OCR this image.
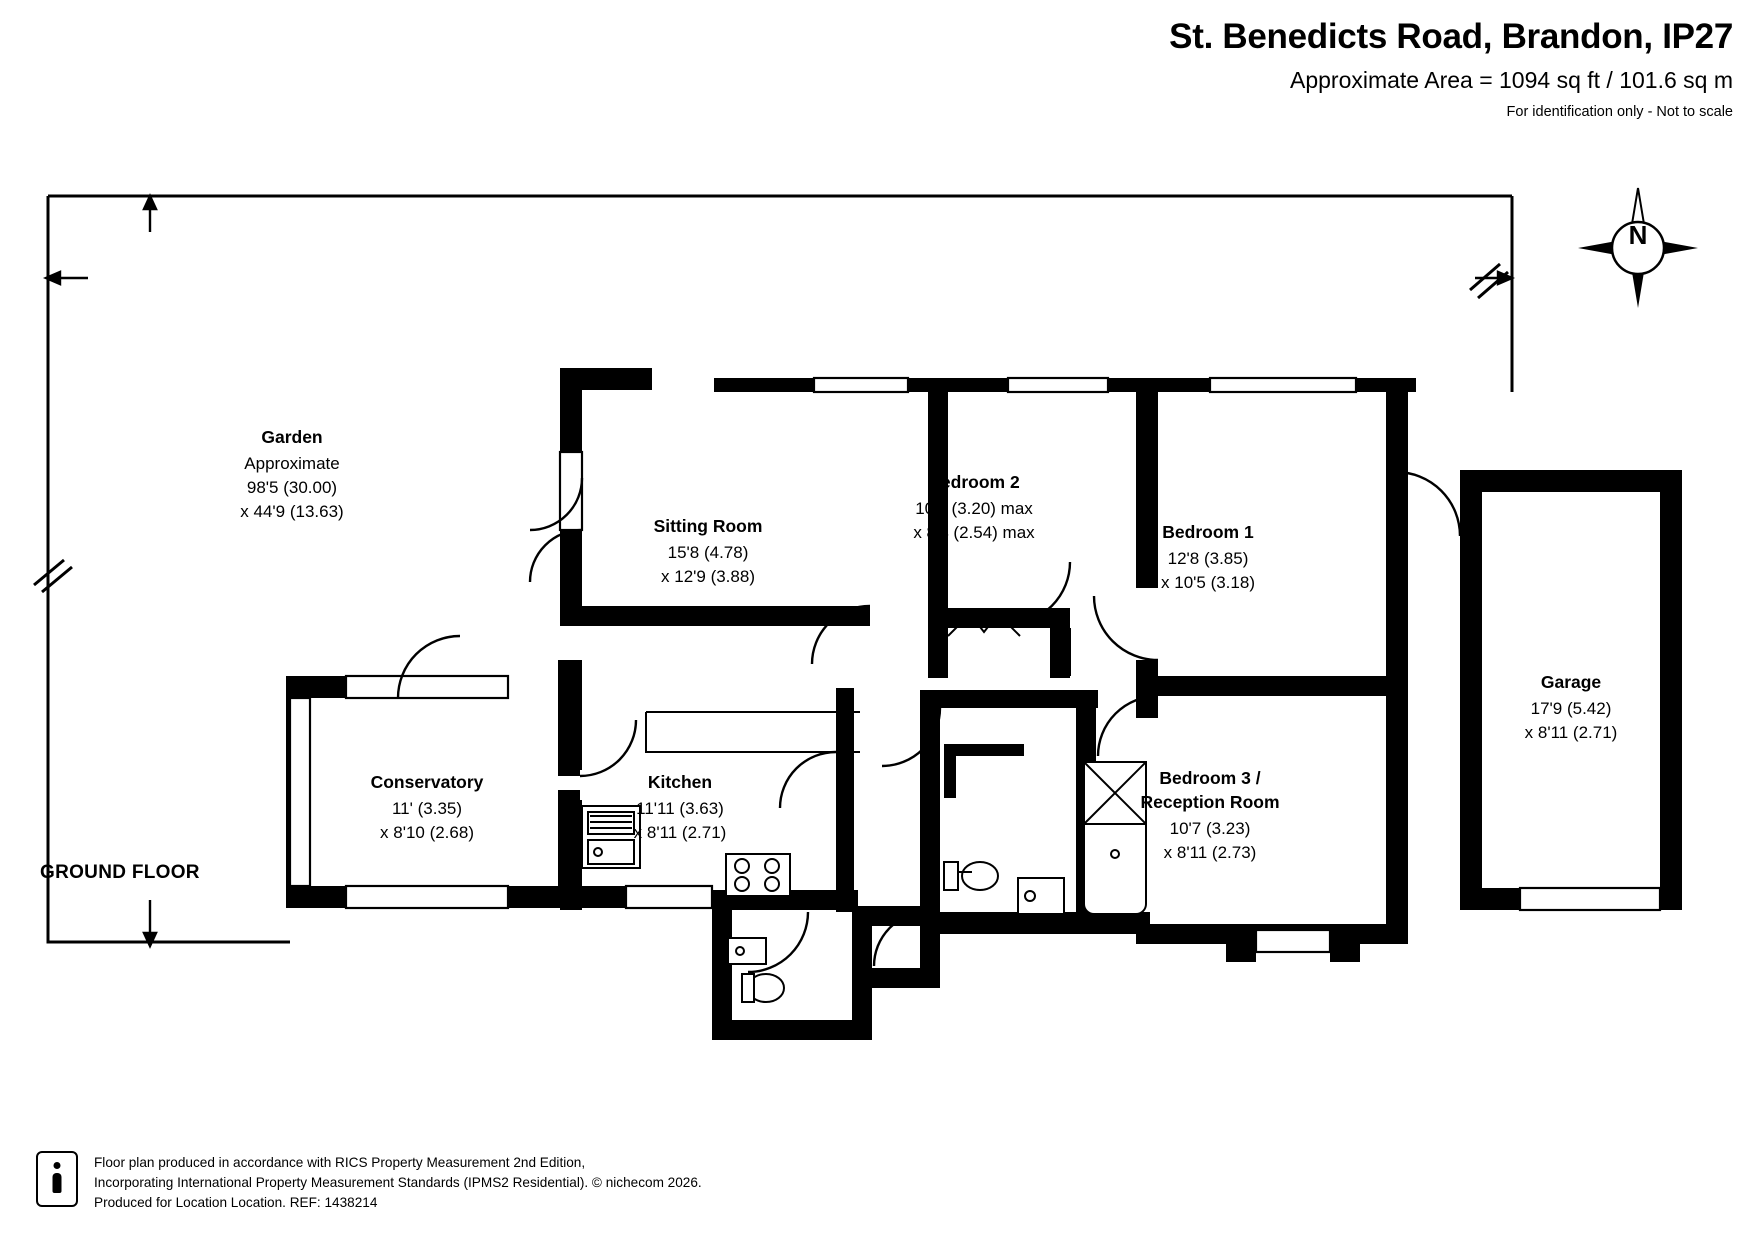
St. Benedicts Road, Brandon, IP27
Approximate Area = 1094 sq ft / 101.6 sq m
For identification only - Not to scale
Garden
Approximate
98'5 (30.00)
x 44'9 (13.63)
Sitting Room
15'8 (4.78)
x 12'9 (3.88)
Bedroom 2
10'6 (3.20) max
x 8'4 (2.54) max	Bedroom 1
12'8 (3.85)
x 10'5 (3.18)
Garage
17'9 (5.42)
x 8'11 (2.71)
Conservatory
11' (3.35)
x 8'10 (2.68)
Kitchen
11'11 (3.63)
x 8'11 (2.71)
Bedroom 3 /
Reception Room
10'7 (3.23)
x 8'11 (2.73)
GROUND FLOOR
N
Floor plan produced in accordance with RICS Property Measurement 2nd Edition,
Incorporating International Property Measurement Standards (IPMS2 Residential). © nichecom 2026.
Produced for Location Location. REF: 1438214
